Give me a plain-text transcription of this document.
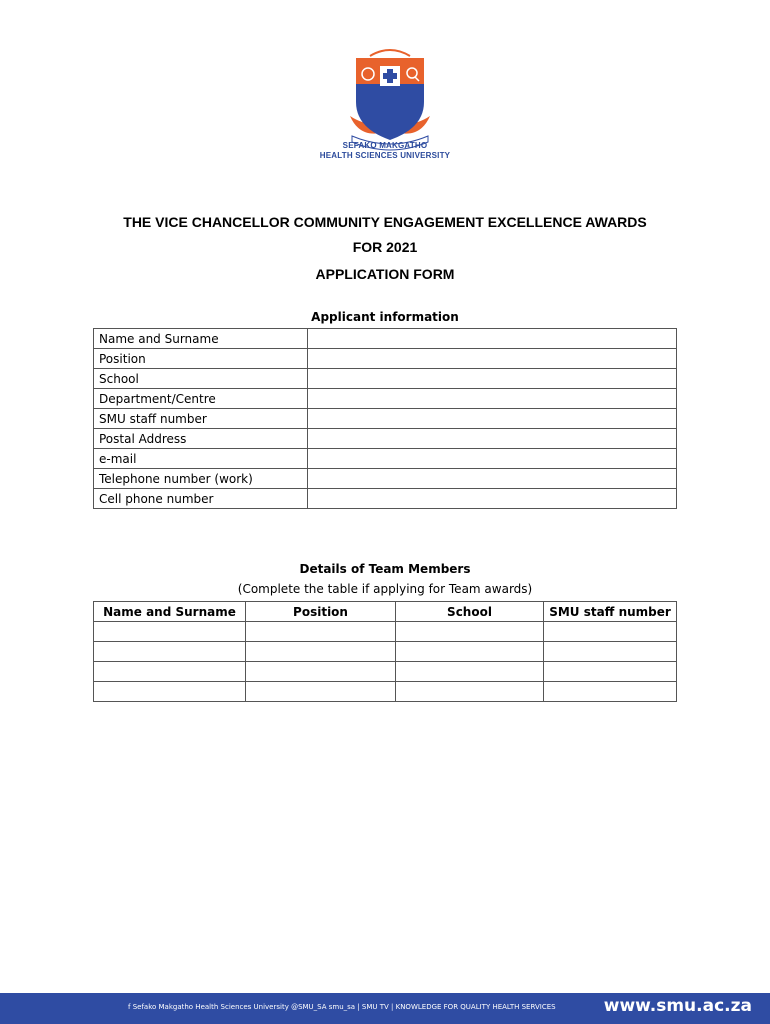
SEFAKO MAKGATHO
HEALTH SCIENCES UNIVERSITY
THE VICE CHANCELLOR COMMUNITY ENGAGEMENT EXCELLENCE AWARDS
FOR 2021
APPLICATION FORM
Applicant information
Name and Surname	
Position	
School	
Department/Centre	
SMU staff number	
Postal Address	
e-mail	
Telephone number (work)	
Cell phone number	
Details of Team Members
(Complete the table if applying for Team awards)
Name and Surname	Position	School	SMU staff number

f Sefako Makgatho Health Sciences University @SMU_SA smu_sa | SMU TV | KNOWLEDGE FOR QUALITY HEALTH SERVICES	www.smu.ac.za
